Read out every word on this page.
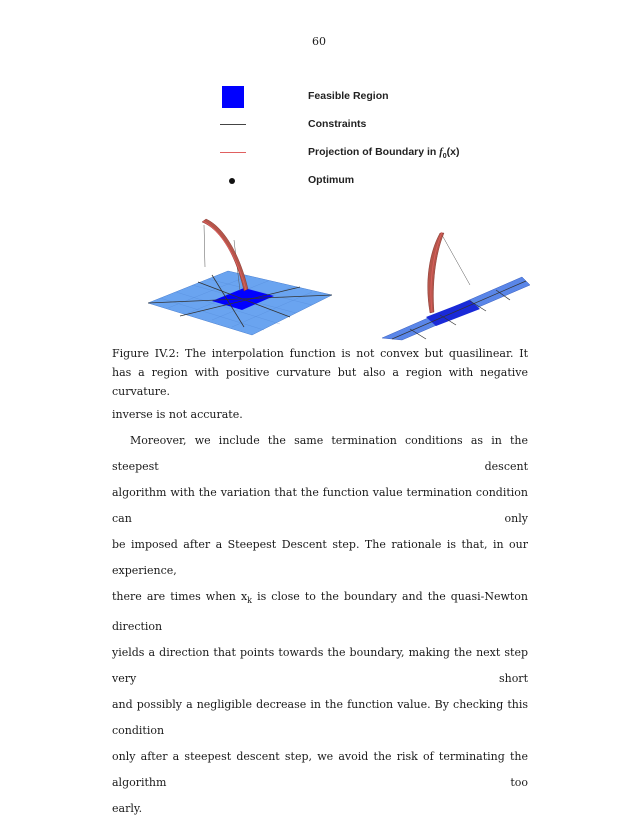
60
Feasible Region
Constraints
Projection of Boundary in $f_0(x)$
Optimum
Figure IV.2: The interpolation function is not convex but quasilinear. It has a region with positive curvature but also a region with negative curvature.

inverse is not accurate.

Moreover, we include the same termination conditions as in the steepest descent

algorithm with the variation that the function value termination condition can only

be imposed after a Steepest Descent step. The rationale is that, in our experience,

there are times when $x_k$ is close to the boundary and the quasi-Newton direction

yields a direction that points towards the boundary, making the next step very short

and possibly a negligible decrease in the function value. By checking this condition

only after a steepest descent step, we avoid the risk of terminating the algorithm too

early.
